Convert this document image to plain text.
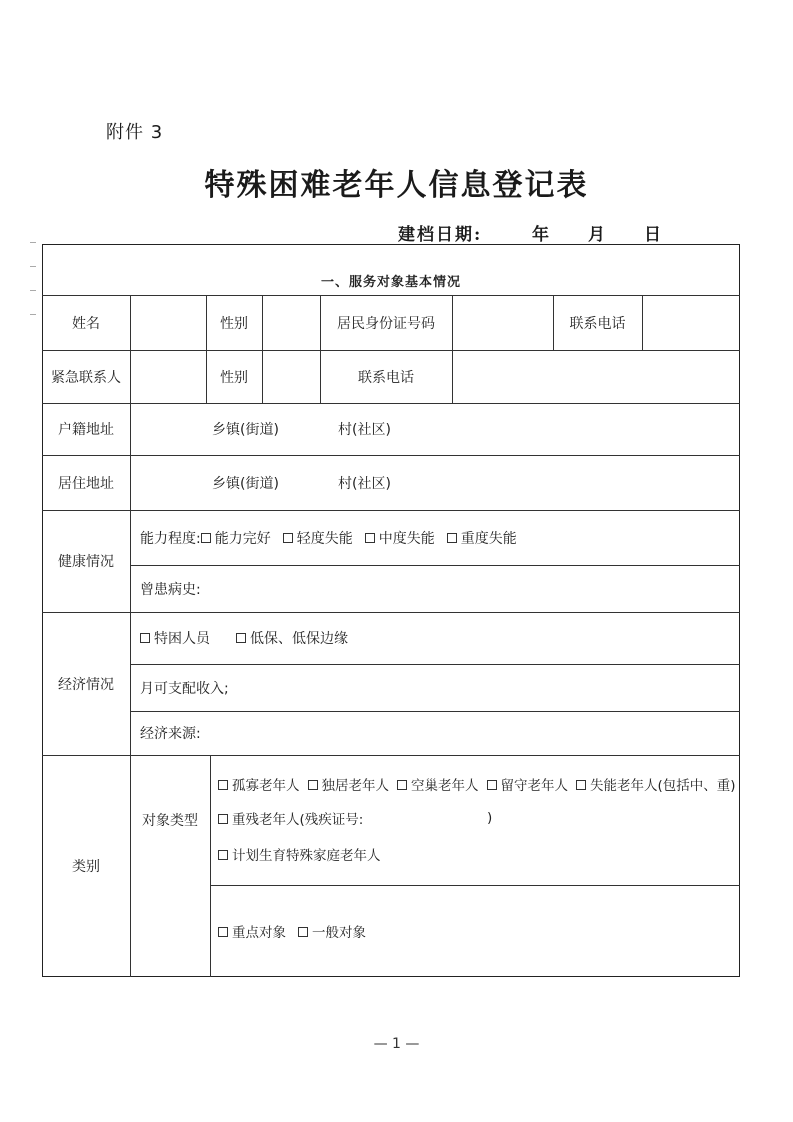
附件 3
特殊困难老年人信息登记表
建档日期:	年 月 日
一、服务对象基本情况
姓名	性别	居民身份证号码	联系电话
紧急联系人	性别	联系电话
户籍地址	乡镇(街道)	村(社区)
居住地址	乡镇(街道)	村(社区)
健康情况
能力程度:	能力完好	轻度失能	中度失能	重度失能
曾患病史:
经济情况
特困人员	低保、低保边缘
月可支配收入;
经济来源:
类别
对象类型
孤寡老年人	独居老年人	空巢老年人	留守老年人	失能老年人(包括中、重)
重残老年人(残疾证号:	)
计划生育特殊家庭老年人
重点对象	一般对象
— 1 —
